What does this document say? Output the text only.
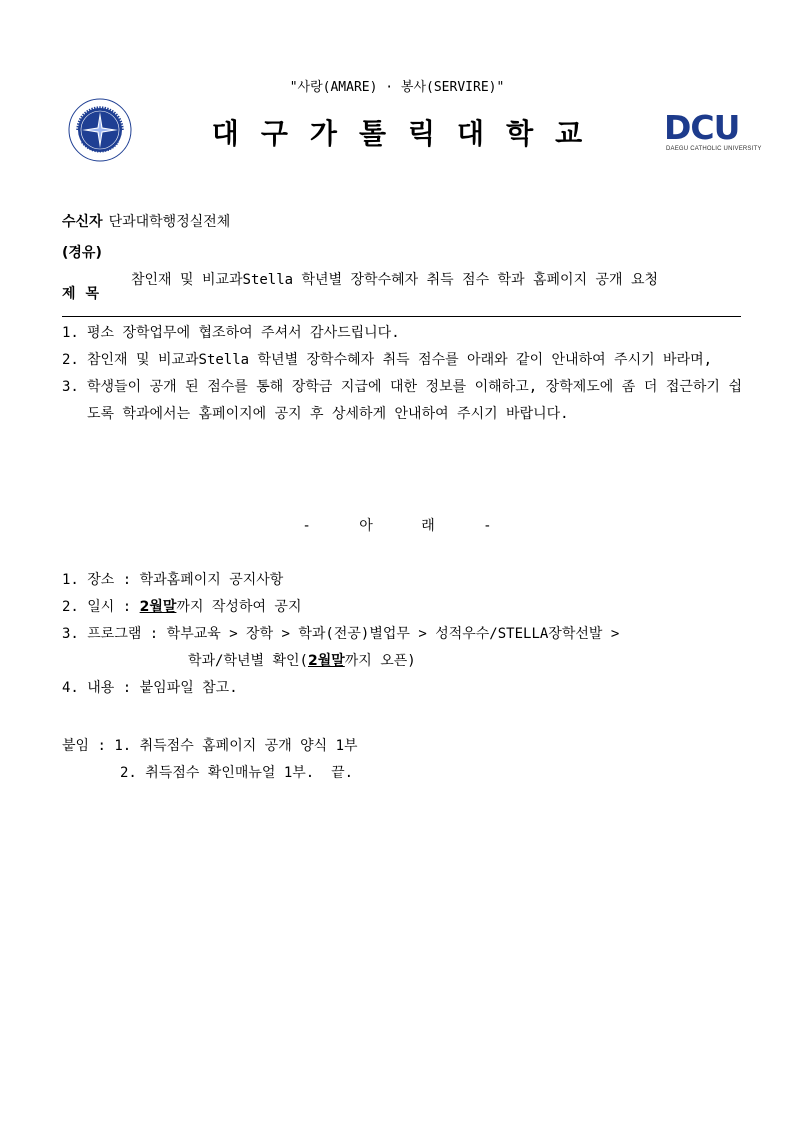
"사랑(AMARE) · 봉사(SERVIRE)"
대구가톨릭대학교	DCU
DAEGU CATHOLIC UNIVERSITY
수신자 단과대학행정실전체
(경유)
제목
참인재 및 비교과Stella 학년별 장학수혜자 취득 점수 학과 홈페이지 공개 요청
1. 평소 장학업무에 협조하여 주셔서 감사드립니다.
2. 참인재 및 비교과Stella 학년별 장학수혜자 취득 점수를 아래와 같이 안내하여 주시기 바라며,
3. 학생들이 공개 된 점수를 통해 장학금 지급에 대한 정보를 이해하고, 장학제도에 좀 더 접근하기 쉽도록 학과에서는 홈페이지에 공지 후 상세하게 안내하여 주시기 바랍니다.
- 아 래 -
1. 장소 : 학과홈페이지 공지사항
2. 일시 : 2월말까지 작성하여 공지
3. 프로그램 : 학부교육 > 장학 > 학과(전공)별업무 > 성적우수/STELLA장학선발 >
학과/학년별 확인(2월말까지 오픈)
4. 내용 : 붙임파일 참고.
붙임 : 1. 취득점수 홈페이지 공개 양식 1부
2. 취득점수 확인매뉴얼 1부.  끝.
